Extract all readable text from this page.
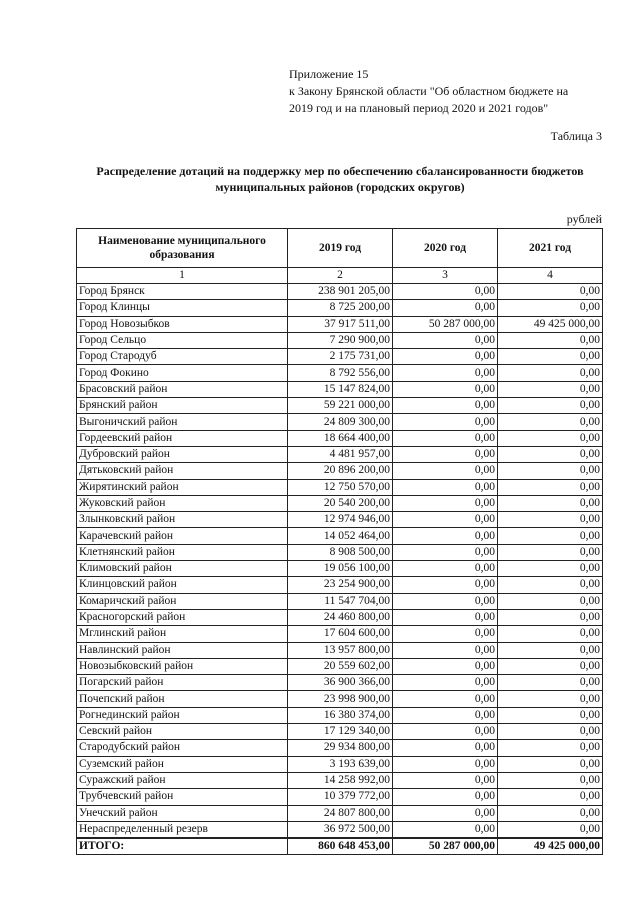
Приложение 15
к Закону Брянской области "Об областном бюджете на
2019 год и на плановый период 2020 и 2021 годов"
Таблица 3
Распределение дотаций на поддержку мер по обеспечению сбалансированности бюджетов
муниципальных районов (городских округов)
рублей
Наименование муниципального образования	2019 год	2020 год	2021 год
1	2	3	4
Город Брянск	238 901 205,00	0,00	0,00
Город Клинцы	8 725 200,00	0,00	0,00
Город Новозыбков	37 917 511,00	50 287 000,00	49 425 000,00
Город Сельцо	7 290 900,00	0,00	0,00
Город Стародуб	2 175 731,00	0,00	0,00
Город Фокино	8 792 556,00	0,00	0,00
Брасовский район	15 147 824,00	0,00	0,00
Брянский район	59 221 000,00	0,00	0,00
Выгоничский район	24 809 300,00	0,00	0,00
Гордеевский район	18 664 400,00	0,00	0,00
Дубровский район	4 481 957,00	0,00	0,00
Дятьковский район	20 896 200,00	0,00	0,00
Жирятинский район	12 750 570,00	0,00	0,00
Жуковский район	20 540 200,00	0,00	0,00
Злынковский район	12 974 946,00	0,00	0,00
Карачевский район	14 052 464,00	0,00	0,00
Клетнянский район	8 908 500,00	0,00	0,00
Климовский район	19 056 100,00	0,00	0,00
Клинцовский район	23 254 900,00	0,00	0,00
Комаричский район	11 547 704,00	0,00	0,00
Красногорский район	24 460 800,00	0,00	0,00
Мглинский район	17 604 600,00	0,00	0,00
Навлинский район	13 957 800,00	0,00	0,00
Новозыбковский район	20 559 602,00	0,00	0,00
Погарский район	36 900 366,00	0,00	0,00
Почепский район	23 998 900,00	0,00	0,00
Рогнединский район	16 380 374,00	0,00	0,00
Севский район	17 129 340,00	0,00	0,00
Стародубский район	29 934 800,00	0,00	0,00
Суземский район	3 193 639,00	0,00	0,00
Суражский район	14 258 992,00	0,00	0,00
Трубчевский район	10 379 772,00	0,00	0,00
Унечский район	24 807 800,00	0,00	0,00
Нераспределенный резерв	36 972 500,00	0,00	0,00
ИТОГО:	860 648 453,00	50 287 000,00	49 425 000,00
